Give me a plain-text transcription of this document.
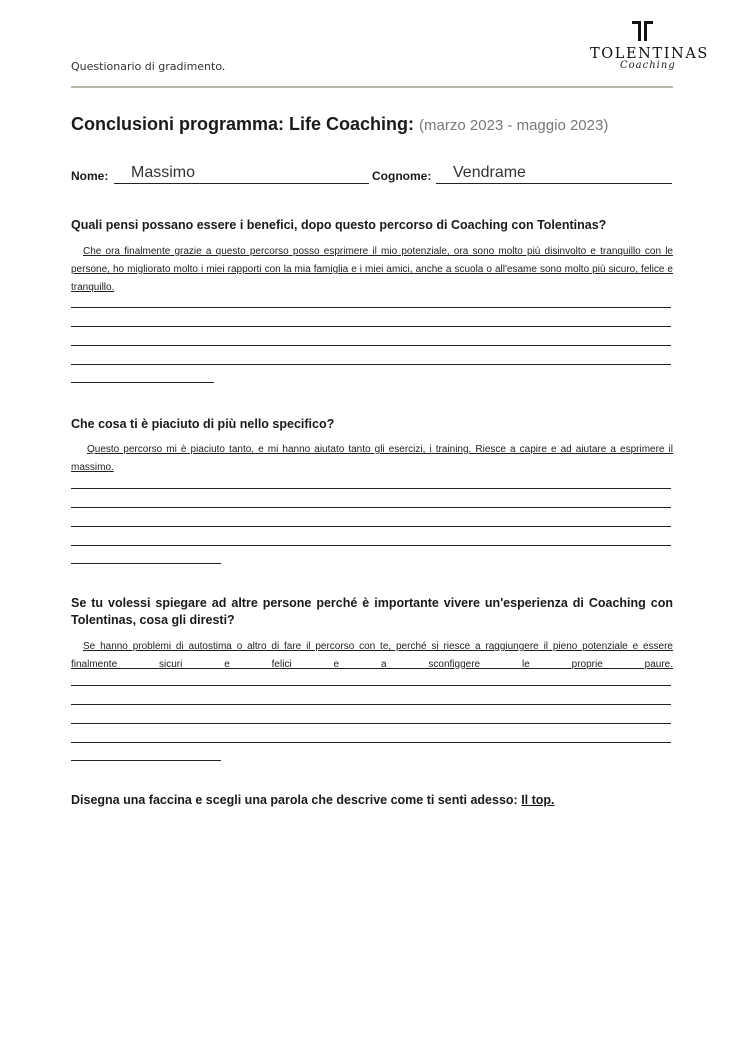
Questionario di gradimento.
TOLENTINAS
Coaching
Conclusioni programma: Life Coaching: (marzo 2023 - maggio 2023)
Nome: Massimo	Cognome: Vendrame
Quali pensi possano essere i benefici, dopo questo percorso di Coaching con Tolentinas?
Che ora finalmente grazie a questo percorso posso esprimere il mio potenziale, ora sono molto più disinvolto e tranquillo con le persone, ho migliorato molto i miei rapporti con la mia famiglia e i miei amici, anche a scuola o all'esame sono molto più sicuro, felice e tranquillo.
Che cosa ti è piaciuto di più nello specifico?
Questo percorso mi è piaciuto tanto, e mi hanno aiutato tanto gli esercizi, i training. Riesce a capire e ad aiutare a esprimere il massimo.
Se tu volessi spiegare ad altre persone perché è importante vivere un'esperienza di Coaching con Tolentinas, cosa gli diresti?
Se hanno problemi di autostima o altro di fare il percorso con te, perché si riesce a raggiungere il pieno potenziale e essere finalmente sicuri e felici e a sconfiggere le proprie paure.
Disegna una faccina e scegli una parola che descrive come ti senti adesso: Il top.
